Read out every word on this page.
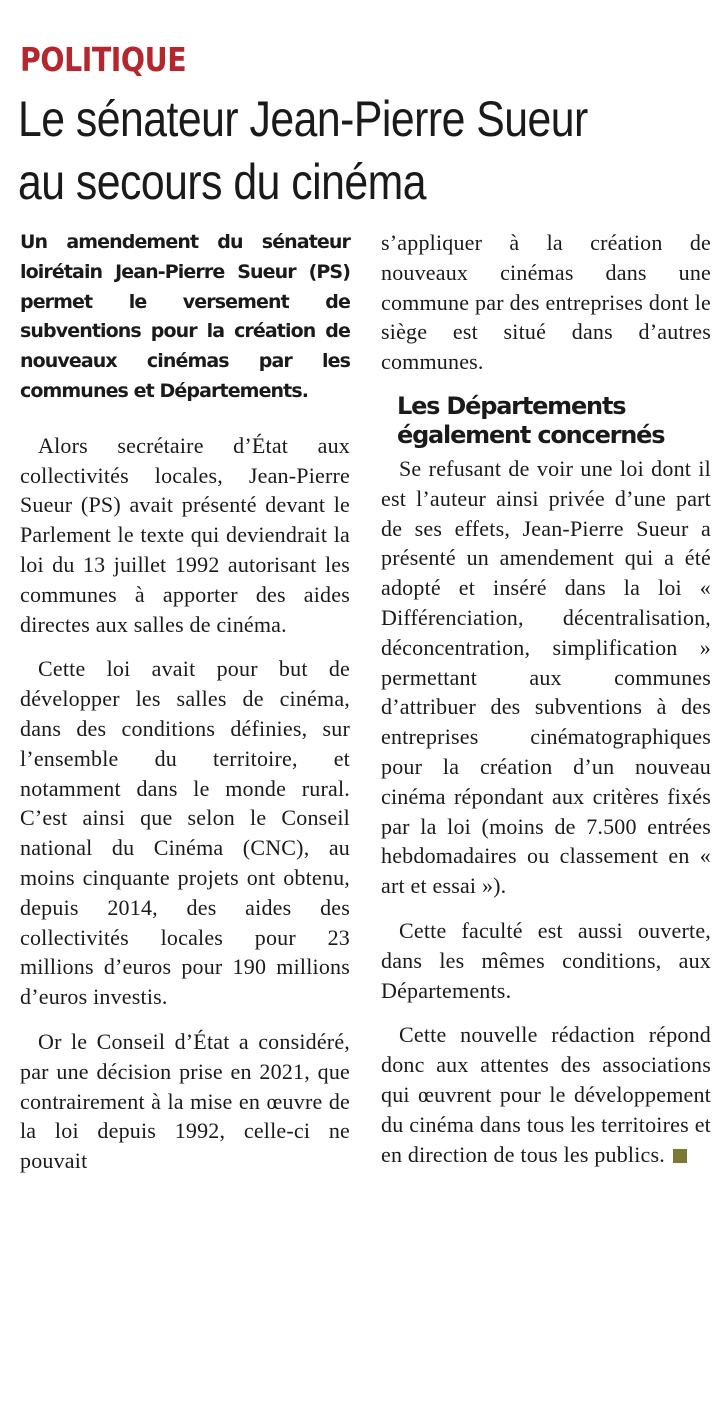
POLITIQUE
Le sénateur Jean-Pierre Sueur
au secours du cinéma

Un amendement du sénateur loirétain Jean-Pierre Sueur (PS) permet le versement de subventions pour la création de nouveaux cinémas par les communes et Départements.

Alors secrétaire d’État aux collectivités locales, Jean-Pierre Sueur (PS) avait présenté devant le Parlement le texte qui deviendrait la loi du 13 juillet 1992 autorisant les communes à apporter des aides directes aux salles de cinéma.

Cette loi avait pour but de développer les salles de cinéma, dans des conditions définies, sur l’ensemble du territoire, et notamment dans le monde rural. C’est ainsi que selon le Conseil national du Cinéma (CNC), au moins cinquante projets ont obtenu, depuis 2014, des aides des collectivités locales pour 23 millions d’euros pour 190 millions d’euros investis.

Or le Conseil d’État a considéré, par une décision prise en 2021, que contrairement à la mise en œuvre de la loi depuis 1992, celle-ci ne pouvait

s’appliquer à la création de nouveaux cinémas dans une commune par des entreprises dont le siège est situé dans d’autres communes.

Les Départements
également concernés

Se refusant de voir une loi dont il est l’auteur ainsi privée d’une part de ses effets, Jean-Pierre Sueur a présenté un amendement qui a été adopté et inséré dans la loi « Différenciation, décentralisation, déconcentration, simplification » permettant aux communes d’attribuer des subventions à des entreprises cinématographiques pour la création d’un nouveau cinéma répondant aux critères fixés par la loi (moins de 7.500 entrées hebdomadaires ou classement en « art et essai »).

Cette faculté est aussi ouverte, dans les mêmes conditions, aux Départements.

Cette nouvelle rédaction répond donc aux attentes des associations qui œuvrent pour le développement du cinéma dans tous les territoires et en direction de tous les publics.
